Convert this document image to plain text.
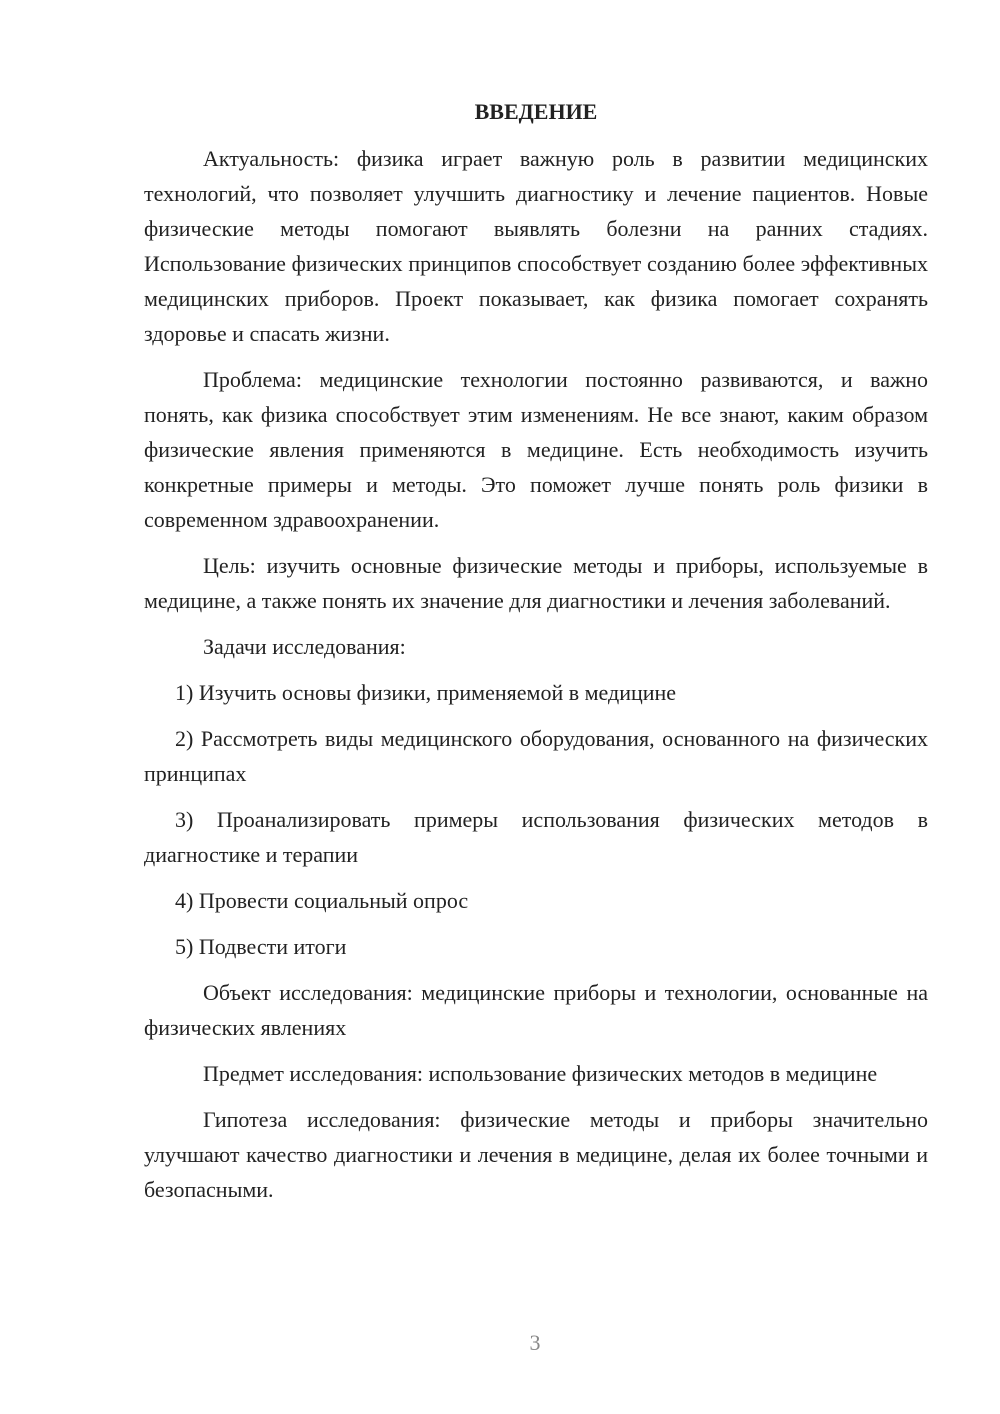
ВВЕДЕНИЕ

Актуальность: физика играет важную роль в развитии медицинских технологий, что позволяет улучшить диагностику и лечение пациентов. Новые физические методы помогают выявлять болезни на ранних стадиях. Использование физических принципов способствует созданию более эффективных медицинских приборов. Проект показывает, как физика помогает сохранять здоровье и спасать жизни.

Проблема: медицинские технологии постоянно развиваются, и важно понять, как физика способствует этим изменениям. Не все знают, каким образом физические явления применяются в медицине. Есть необходимость изучить конкретные примеры и методы. Это поможет лучше понять роль физики в современном здравоохранении.

Цель: изучить основные физические методы и приборы, используемые в медицине, а также понять их значение для диагностики и лечения заболеваний.

Задачи исследования:

1) Изучить основы физики, применяемой в медицине

2) Рассмотреть виды медицинского оборудования, основанного на физических принципах

3) Проанализировать примеры использования физических методов в диагностике и терапии

4) Провести социальный опрос

5) Подвести итоги

Объект исследования: медицинские приборы и технологии, основанные на физических явлениях

Предмет исследования: использование физических методов в медицине

Гипотеза исследования: физические методы и приборы значительно улучшают качество диагностики и лечения в медицине, делая их более точными и безопасными.

3
